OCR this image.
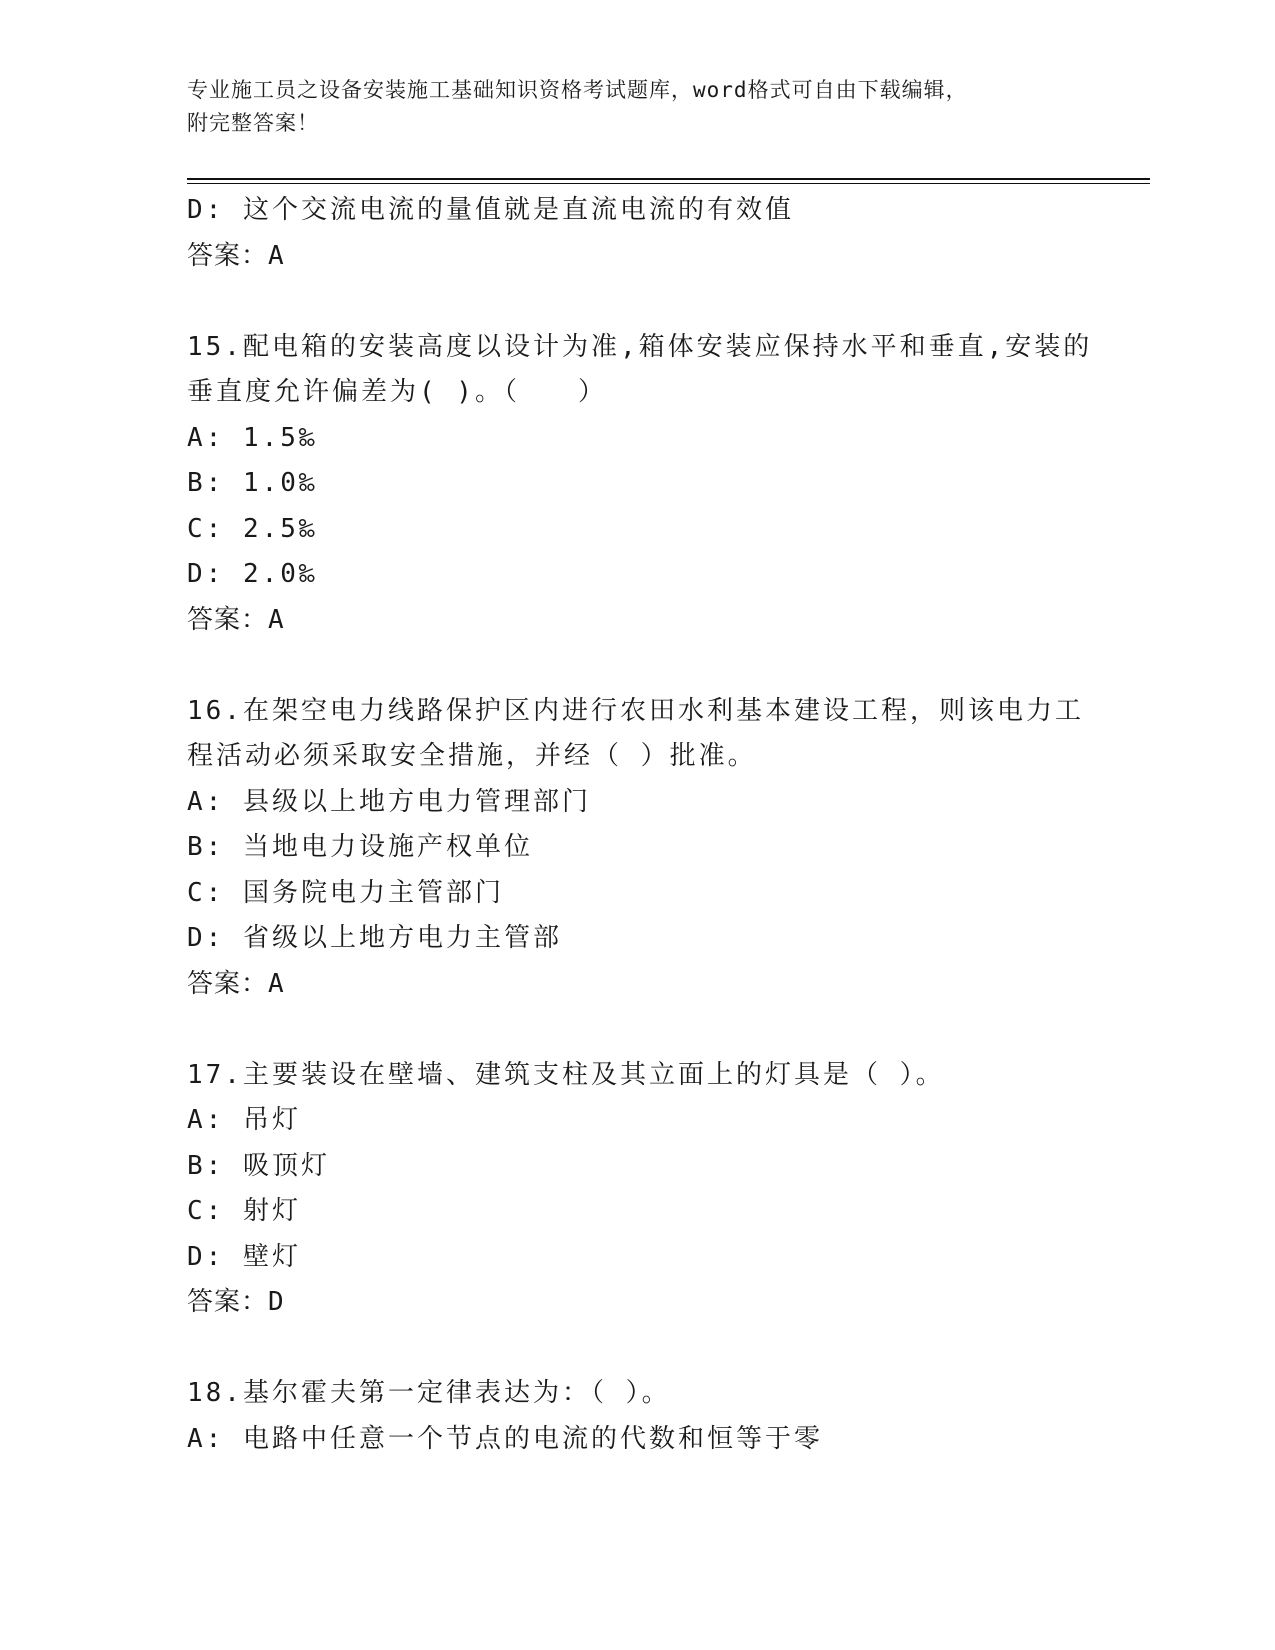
专业施工员之设备安装施工基础知识资格考试题库，word格式可自由下载编辑，
附完整答案！
D: 这个交流电流的量值就是直流电流的有效值
答案：A
15.配电箱的安装高度以设计为准,箱体安装应保持水平和垂直,安装的
垂直度允许偏差为( )。（　　）
A: 1.5‰
B: 1.0‰
C: 2.5‰
D: 2.0‰
答案：A
16.在架空电力线路保护区内进行农田水利基本建设工程，则该电力工
程活动必须采取安全措施，并经（ ）批准。
A: 县级以上地方电力管理部门
B: 当地电力设施产权单位
C: 国务院电力主管部门
D: 省级以上地方电力主管部
答案：A
17.主要装设在壁墙、建筑支柱及其立面上的灯具是（ ）。
A: 吊灯
B: 吸顶灯
C: 射灯
D: 壁灯
答案：D
18.基尔霍夫第一定律表达为：（ ）。
A: 电路中任意一个节点的电流的代数和恒等于零
